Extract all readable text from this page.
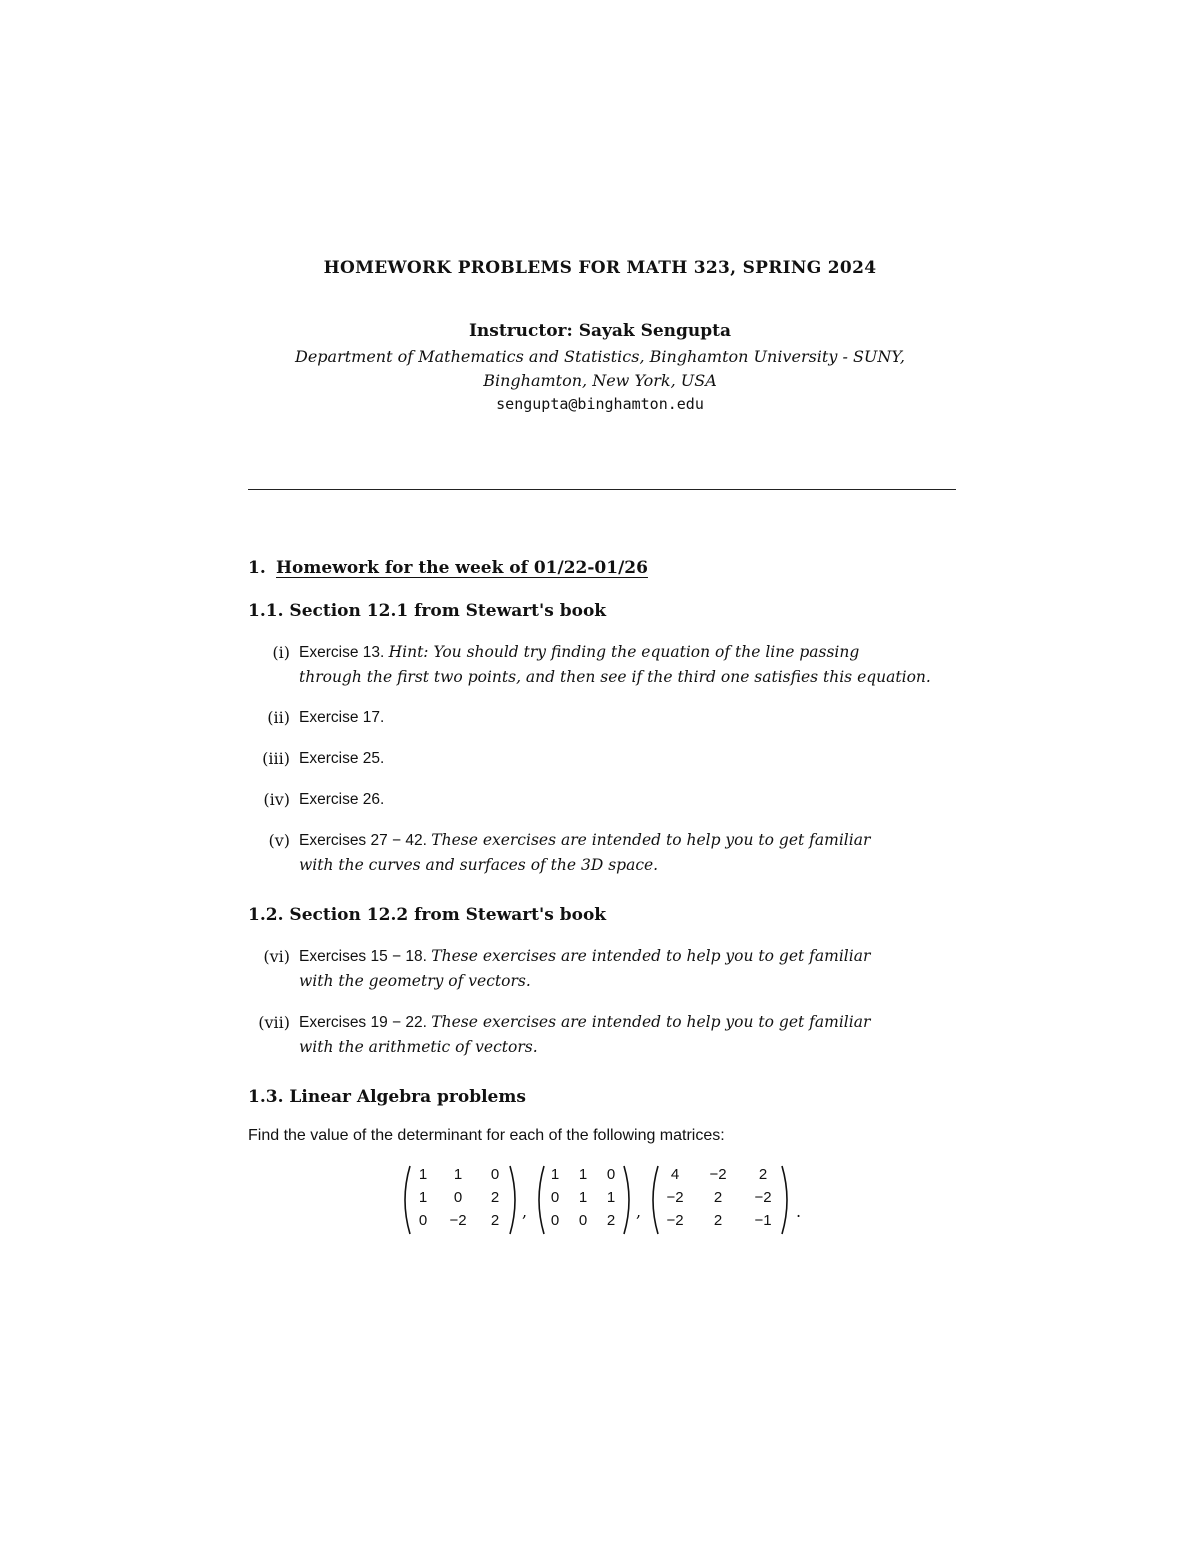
HOMEWORK PROBLEMS FOR MATH 323, SPRING 2024
Instructor: Sayak Sengupta
Department of Mathematics and Statistics, Binghamton University - SUNY,
Binghamton, New York, USA
sengupta@binghamton.edu
1. Homework for the week of 01/22-01/26
1.1. Section 12.1 from Stewart's book
(i) Exercise 13. Hint: You should try finding the equation of the line passing
through the first two points, and then see if the third one satisfies this equation.
(ii) Exercise 17.
(iii) Exercise 25.
(iv) Exercise 26.
(v) Exercises 27 − 42. These exercises are intended to help you to get familiar
with the curves and surfaces of the 3D space.
1.2. Section 12.2 from Stewart's book
(vi) Exercises 15 − 18. These exercises are intended to help you to get familiar
with the geometry of vectors.
(vii) Exercises 19 − 22. These exercises are intended to help you to get familiar
with the arithmetic of vectors.
1.3. Linear Algebra problems
Find the value of the determinant for each of the following matrices:
1	1	0
1	0	2
0	−2	2	,
1	1	0
0	1	1
0	0	2	,
4	−2	2
−2	2	−2
−2	2	−1	.
